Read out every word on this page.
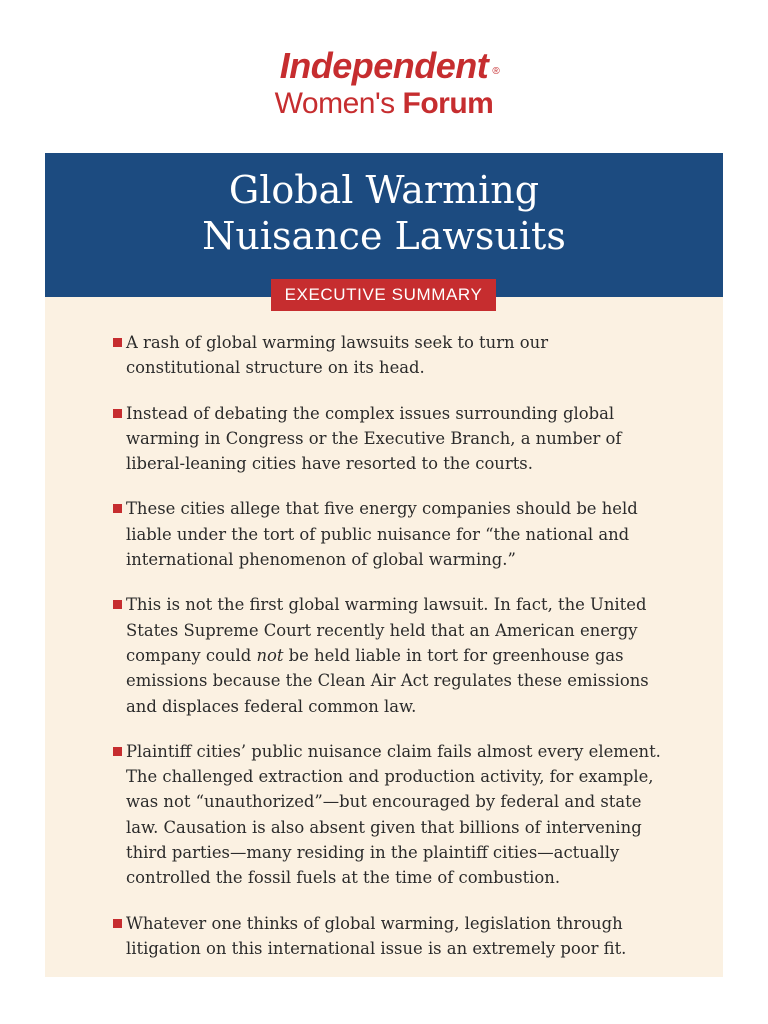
Independent ®
Women's Forum
Global Warming
Nuisance Lawsuits
EXECUTIVE SUMMARY
A rash of global warming lawsuits seek to turn our constitutional structure on its head.
Instead of debating the complex issues surrounding global warming in Congress or the Executive Branch, a number of liberal-leaning cities have resorted to the courts.
These cities allege that five energy companies should be held liable under the tort of public nuisance for “the national and international phenomenon of global warming.”
This is not the first global warming lawsuit. In fact, the United States Supreme Court recently held that an American energy company could not be held liable in tort for greenhouse gas emissions because the Clean Air Act regulates these emissions and displaces federal common law.
Plaintiff cities’ public nuisance claim fails almost every element. The challenged extraction and production activity, for example, was not “unauthorized”—but encouraged by federal and state law. Causation is also absent given that billions of intervening third parties—many residing in the plaintiff cities—actually controlled the fossil fuels at the time of combustion.
Whatever one thinks of global warming, legislation through litigation on this international issue is an extremely poor fit.
